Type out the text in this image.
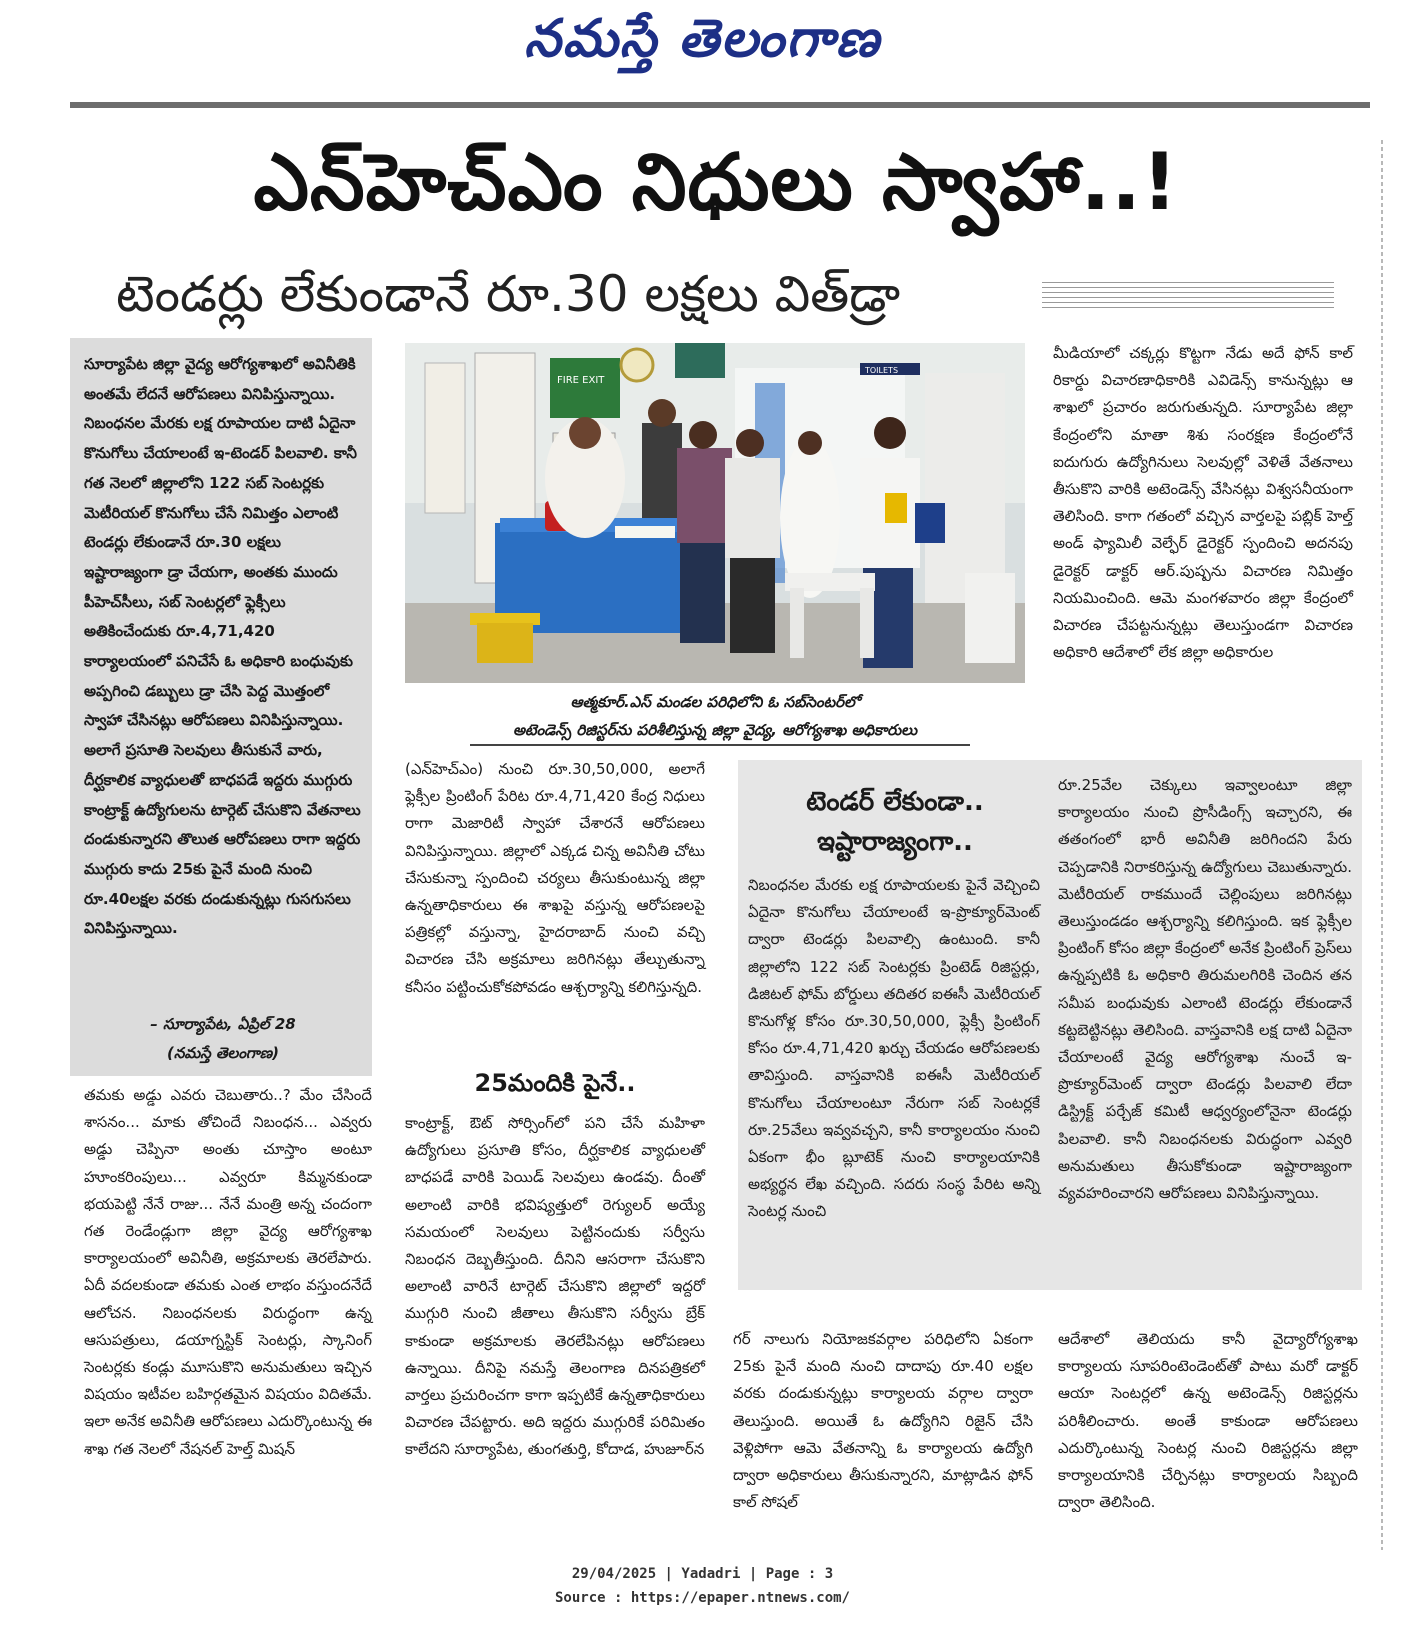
నమస్తే తెలంగాణ
ఎన్‌హెచ్‌ఎం నిధులు స్వాహా..!
టెండర్లు లేకుండానే రూ.30 లక్షలు విత్‌డ్రా
సూర్యాపేట జిల్లా వైద్య ఆరోగ్యశాఖలో అవినీతికి అంతమే లేదనే ఆరోపణలు వినిపిస్తున్నాయి. నిబంధనల మేరకు లక్ష రూపాయల దాటి ఏదైనా కొనుగోలు చేయాలంటే ఇ-టెండర్ పిలవాలి. కానీ గత నెలలో జిల్లాలోని 122 సబ్ సెంటర్లకు మెటీరియల్ కొనుగోలు చేసే నిమిత్తం ఎలాంటి టెండర్లు లేకుండానే రూ.30 లక్షలు ఇష్టారాజ్యంగా డ్రా చేయగా, అంతకు ముందు పీహెచ్‌సీలు, సబ్ సెంటర్లలో ఫ్లెక్సీలు అతికించేందుకు రూ.4,71,420 కార్యాలయంలో పనిచేసే ఓ అధికారి బంధువుకు అప్పగించి డబ్బులు డ్రా చేసి పెద్ద మొత్తంలో స్వాహా చేసినట్లు ఆరోపణలు వినిపిస్తున్నాయి. అలాగే ప్రసూతి సెలవులు తీసుకునే వారు, దీర్ఘకాలిక వ్యాధులతో బాధపడే ఇద్దరు ముగ్గురు కాంట్రాక్ట్ ఉద్యోగులను టార్గెట్ చేసుకొని వేతనాలు దండుకున్నారని తొలుత ఆరోపణలు రాగా ఇద్దరు ముగ్గురు కాదు 25కు పైనే మంది నుంచి రూ.40లక్షల వరకు దండుకున్నట్లు గుసగుసలు వినిపిస్తున్నాయి.
– సూర్యాపేట, ఏప్రిల్ 28
(నమస్తే తెలంగాణ)
FIRE EXIT
TOILETS
ఆత్మకూర్.ఎస్ మండల పరిధిలోని ఓ సబ్‌సెంటర్‌లో
అటెండెన్స్ రిజిస్టర్‌ను పరిశీలిస్తున్న జిల్లా వైద్య, ఆరోగ్యశాఖ అధికారులు

తమకు అడ్డు ఎవరు చెబుతారు..? మేం చేసిందే శాసనం... మాకు తోచిందే నిబంధన... ఎవ్వరు అడ్డు చెప్పినా అంతు చూస్తాం అంటూ హూంకరింపులు... ఎవ్వరూ కిమ్మనకుండా భయపెట్టి నేనే రాజు... నేనే మంత్రి అన్న చందంగా గత రెండేండ్లుగా జిల్లా వైద్య ఆరోగ్యశాఖ కార్యాలయంలో అవినీతి, అక్రమాలకు తెరలేపారు. ఏదీ వదలకుండా తమకు ఎంత లాభం వస్తుందనేదే ఆలోచన. నిబంధనలకు విరుద్ధంగా ఉన్న ఆసుపత్రులు, డయాగ్నస్టిక్ సెంటర్లు, స్కానింగ్ సెంటర్లకు కండ్లు మూసుకొని అనుమతులు ఇచ్చిన విషయం ఇటీవల బహిర్గతమైన విషయం విదితమే. ఇలా అనేక అవినీతి ఆరోపణలు ఎదుర్కొంటున్న ఈ శాఖ గత నెలలో నేషనల్ హెల్త్ మిషన్

(ఎన్‌హెచ్‌ఎం) నుంచి రూ.30,50,000, అలాగే ఫ్లెక్సీల ప్రింటింగ్ పేరిట రూ.4,71,420 కేంద్ర నిధులు రాగా మెజారిటీ స్వాహా చేశారనే ఆరోపణలు వినిపిస్తున్నాయి. జిల్లాలో ఎక్కడ చిన్న అవినీతి చోటు చేసుకున్నా స్పందించి చర్యలు తీసుకుంటున్న జిల్లా ఉన్నతాధికారులు ఈ శాఖపై వస్తున్న ఆరోపణలపై పత్రికల్లో వస్తున్నా, హైదరాబాద్ నుంచి వచ్చి విచారణ చేసి అక్రమాలు జరిగినట్లు తేల్చుతున్నా కనీసం పట్టించుకోకపోవడం ఆశ్చర్యాన్ని కలిగిస్తున్నది.

25మందికి పైనే..

కాంట్రాక్ట్, ఔట్ సోర్సింగ్‌లో పని చేసే మహిళా ఉద్యోగులు ప్రసూతి కోసం, దీర్ఘకాలిక వ్యాధులతో బాధపడే వారికి పెయిడ్ సెలవులు ఉండవు. దీంతో అలాంటి వారికి భవిష్యత్తులో రెగ్యులర్ అయ్యే సమయంలో సెలవులు పెట్టినందుకు సర్వీసు నిబంధన దెబ్బతీస్తుంది. దీనిని ఆసరాగా చేసుకొని అలాంటి వారినే టార్గెట్ చేసుకొని జిల్లాలో ఇద్దరో ముగ్గురి నుంచి జీతాలు తీసుకొని సర్వీసు బ్రేక్ కాకుండా అక్రమాలకు తెరలేపినట్లు ఆరోపణలు ఉన్నాయి. దీనిపై నమస్తే తెలంగాణ దినపత్రికలో వార్తలు ప్రచురించగా కాగా ఇప్పటికే ఉన్నతాధికారులు విచారణ చేపట్టారు. అది ఇద్దరు ముగ్గురికే పరిమితం కాలేదని సూర్యాపేట, తుంగతుర్తి, కోదాడ, హుజూర్‌న

మీడియాలో చక్కర్లు కొట్టగా నేడు అదే ఫోన్ కాల్ రికార్డు విచారణాధికారికి ఎవిడెన్స్ కానున్నట్లు ఆ శాఖలో ప్రచారం జరుగుతున్నది. సూర్యాపేట జిల్లా కేంద్రంలోని మాతా శిశు సంరక్షణ కేంద్రంలోనే ఐదుగురు ఉద్యోగినులు సెలవుల్లో వెళితే వేతనాలు తీసుకొని వారికి అటెండెన్స్ వేసినట్లు విశ్వసనీయంగా తెలిసింది. కాగా గతంలో వచ్చిన వార్తలపై పబ్లిక్ హెల్త్ అండ్ ఫ్యామిలీ వెల్ఫేర్ డైరెక్టర్ స్పందించి అదనపు డైరెక్టర్ డాక్టర్ ఆర్.పుష్పను విచారణ నిమిత్తం నియమించింది. ఆమె మంగళవారం జిల్లా కేంద్రంలో విచారణ చేపట్టనున్నట్లు తెలుస్తుండగా విచారణ అధికారి ఆదేశాలో లేక జిల్లా అధికారుల

టెండర్ లేకుండా..
ఇష్టారాజ్యంగా..

నిబంధనల మేరకు లక్ష రూపాయలకు పైనే వెచ్చించి ఏదైనా కొనుగోలు చేయాలంటే ఇ-ప్రొక్యూర్‌మెంట్ ద్వారా టెండర్లు పిలవాల్సి ఉంటుంది. కానీ జిల్లాలోని 122 సబ్ సెంటర్లకు ప్రింటెడ్ రిజిస్టర్లు, డిజిటల్ ఫోమ్ బోర్డులు తదితర ఐఈసీ మెటీరియల్ కొనుగోళ్ల కోసం రూ.30,50,000, ఫ్లెక్సీ ప్రింటింగ్ కోసం రూ.4,71,420 ఖర్చు చేయడం ఆరోపణలకు తావిస్తుంది. వాస్తవానికి ఐఈసీ మెటీరియల్ కొనుగోలు చేయాలంటూ నేరుగా సబ్ సెంటర్లకే రూ.25వేలు ఇవ్వవచ్చని, కానీ కార్యాలయం నుంచి ఏకంగా భీం బ్లూటెక్ నుంచి కార్యాలయానికి అభ్యర్థన లేఖ వచ్చింది. సదరు సంస్థ పేరిట అన్ని సెంటర్ల నుంచి

రూ.25వేల చెక్కులు ఇవ్వాలంటూ జిల్లా కార్యాలయం నుంచి ప్రొసీడింగ్స్ ఇచ్చారని, ఈ తతంగంలో భారీ అవినీతి జరిగిందని పేరు చెప్పడానికి నిరాకరిస్తున్న ఉద్యోగులు చెబుతున్నారు. మెటీరియల్ రాకముందే చెల్లింపులు జరిగినట్లు తెలుస్తుండడం ఆశ్చర్యాన్ని కలిగిస్తుంది. ఇక ఫ్లెక్సీల ప్రింటింగ్ కోసం జిల్లా కేంద్రంలో అనేక ప్రింటింగ్ ప్రెస్‌లు ఉన్నప్పటికి ఓ అధికారి తిరుమలగిరికి చెందిన తన సమీప బంధువుకు ఎలాంటి టెండర్లు లేకుండానే కట్టబెట్టినట్లు తెలిసింది. వాస్తవానికి లక్ష దాటి ఏదైనా చేయాలంటే వైద్య ఆరోగ్యశాఖ నుంచే ఇ-ప్రొక్యూర్‌మెంట్ ద్వారా టెండర్లు పిలవాలి లేదా డిస్ట్రిక్ట్ పర్చేజ్ కమిటీ ఆధ్వర్యంలోనైనా టెండర్లు పిలవాలి. కానీ నిబంధనలకు విరుద్ధంగా ఎవ్వరి అనుమతులు తీసుకోకుండా ఇష్టారాజ్యంగా వ్యవహరించారని ఆరోపణలు వినిపిస్తున్నాయి.

గర్ నాలుగు నియోజకవర్గాల పరిధిలోని ఏకంగా 25కు పైనే మంది నుంచి దాదాపు రూ.40 లక్షల వరకు దండుకున్నట్లు కార్యాలయ వర్గాల ద్వారా తెలుస్తుంది. అయితే ఓ ఉద్యోగిని రిజైన్ చేసి వెళ్లిపోగా ఆమె వేతనాన్ని ఓ కార్యాలయ ఉద్యోగి ద్వారా అధికారులు తీసుకున్నారని, మాట్లాడిన ఫోన్ కాల్ సోషల్

ఆదేశాలో తెలియదు కానీ వైద్యారోగ్యశాఖ కార్యాలయ సూపరింటెండెంట్‌తో పాటు మరో డాక్టర్ ఆయా సెంటర్లలో ఉన్న అటెండెన్స్ రిజిస్టర్లను పరిశీలించారు. అంతే కాకుండా ఆరోపణలు ఎదుర్కొంటున్న సెంటర్ల నుంచి రిజిస్టర్లను జిల్లా కార్యాలయానికి చేర్పినట్లు కార్యాలయ సిబ్బంది ద్వారా తెలిసింది.

29/04/2025 | Yadadri | Page : 3
Source : https://epaper.ntnews.com/
